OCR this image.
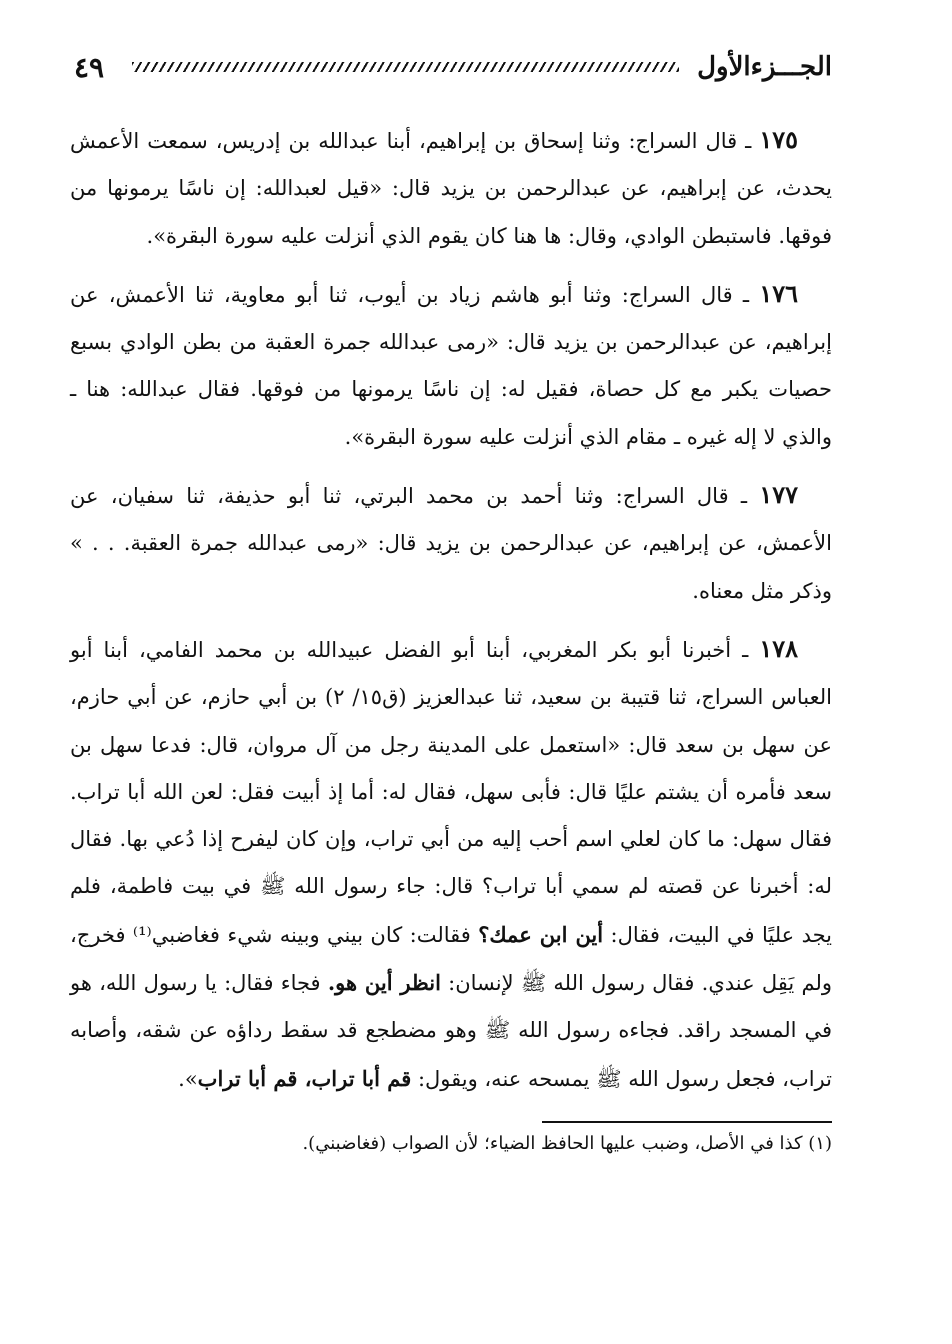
الجـــزءالأول
٤٩

١٧٥ ـ قال السراج: وثنا إسحاق بن إبراهيم، أبنا عبدالله بن إدريس، سمعت الأعمش يحدث، عن إبراهيم، عن عبدالرحمن بن يزيد قال: «قيل لعبدالله: إن ناسًا يرمونها من فوقها. فاستبطن الوادي، وقال: ها هنا كان يقوم الذي أنزلت عليه سورة البقرة».

١٧٦ ـ قال السراج: وثنا أبو هاشم زياد بن أيوب، ثنا أبو معاوية، ثنا الأعمش، عن إبراهيم، عن عبدالرحمن بن يزيد قال: «رمى عبدالله جمرة العقبة من بطن الوادي بسبع حصيات يكبر مع كل حصاة، فقيل له: إن ناسًا يرمونها من فوقها. فقال عبدالله: هنا ـ والذي لا إله غيره ـ مقام الذي أنزلت عليه سورة البقرة».

١٧٧ ـ قال السراج: وثنا أحمد بن محمد البرتي، ثنا أبو حذيفة، ثنا سفيان، عن الأعمش، عن إبراهيم، عن عبدالرحمن بن يزيد قال: «رمى عبدالله جمرة العقبة. . . » وذكر مثل معناه.

١٧٨ ـ أخبرنا أبو بكر المغربي، أبنا أبو الفضل عبيدالله بن محمد الفامي، أبنا أبو العباس السراج، ثنا قتيبة بن سعيد، ثنا عبدالعزيز (ق١٥/ ٢) بن أبي حازم، عن أبي حازم، عن سهل بن سعد قال: «استعمل على المدينة رجل من آل مروان، قال: فدعا سهل بن سعد فأمره أن يشتم عليًا قال: فأبى سهل، فقال له: أما إذ أبيت فقل: لعن الله أبا تراب. فقال سهل: ما كان لعلي اسم أحب إليه من أبي تراب، وإن كان ليفرح إذا دُعي بها. فقال له: أخبرنا عن قصته لم سمي أبا تراب؟ قال: جاء رسول الله ﷺ في بيت فاطمة، فلم يجد عليًا في البيت، فقال: أين ابن عمك؟ فقالت: كان بيني وبينه شيء فغاضبي⁽¹⁾ فخرج، ولم يَقِل عندي. فقال رسول الله ﷺ لإنسان: انظر أين هو. فجاء فقال: يا رسول الله، هو في المسجد راقد. فجاءه رسول الله ﷺ وهو مضطجع قد سقط رداؤه عن شقه، وأصابه تراب، فجعل رسول الله ﷺ يمسحه عنه، ويقول: قم أبا تراب، قم أبا تراب».

(١) كذا في الأصل، وضبب عليها الحافظ الضياء؛ لأن الصواب (فغاضبني).
